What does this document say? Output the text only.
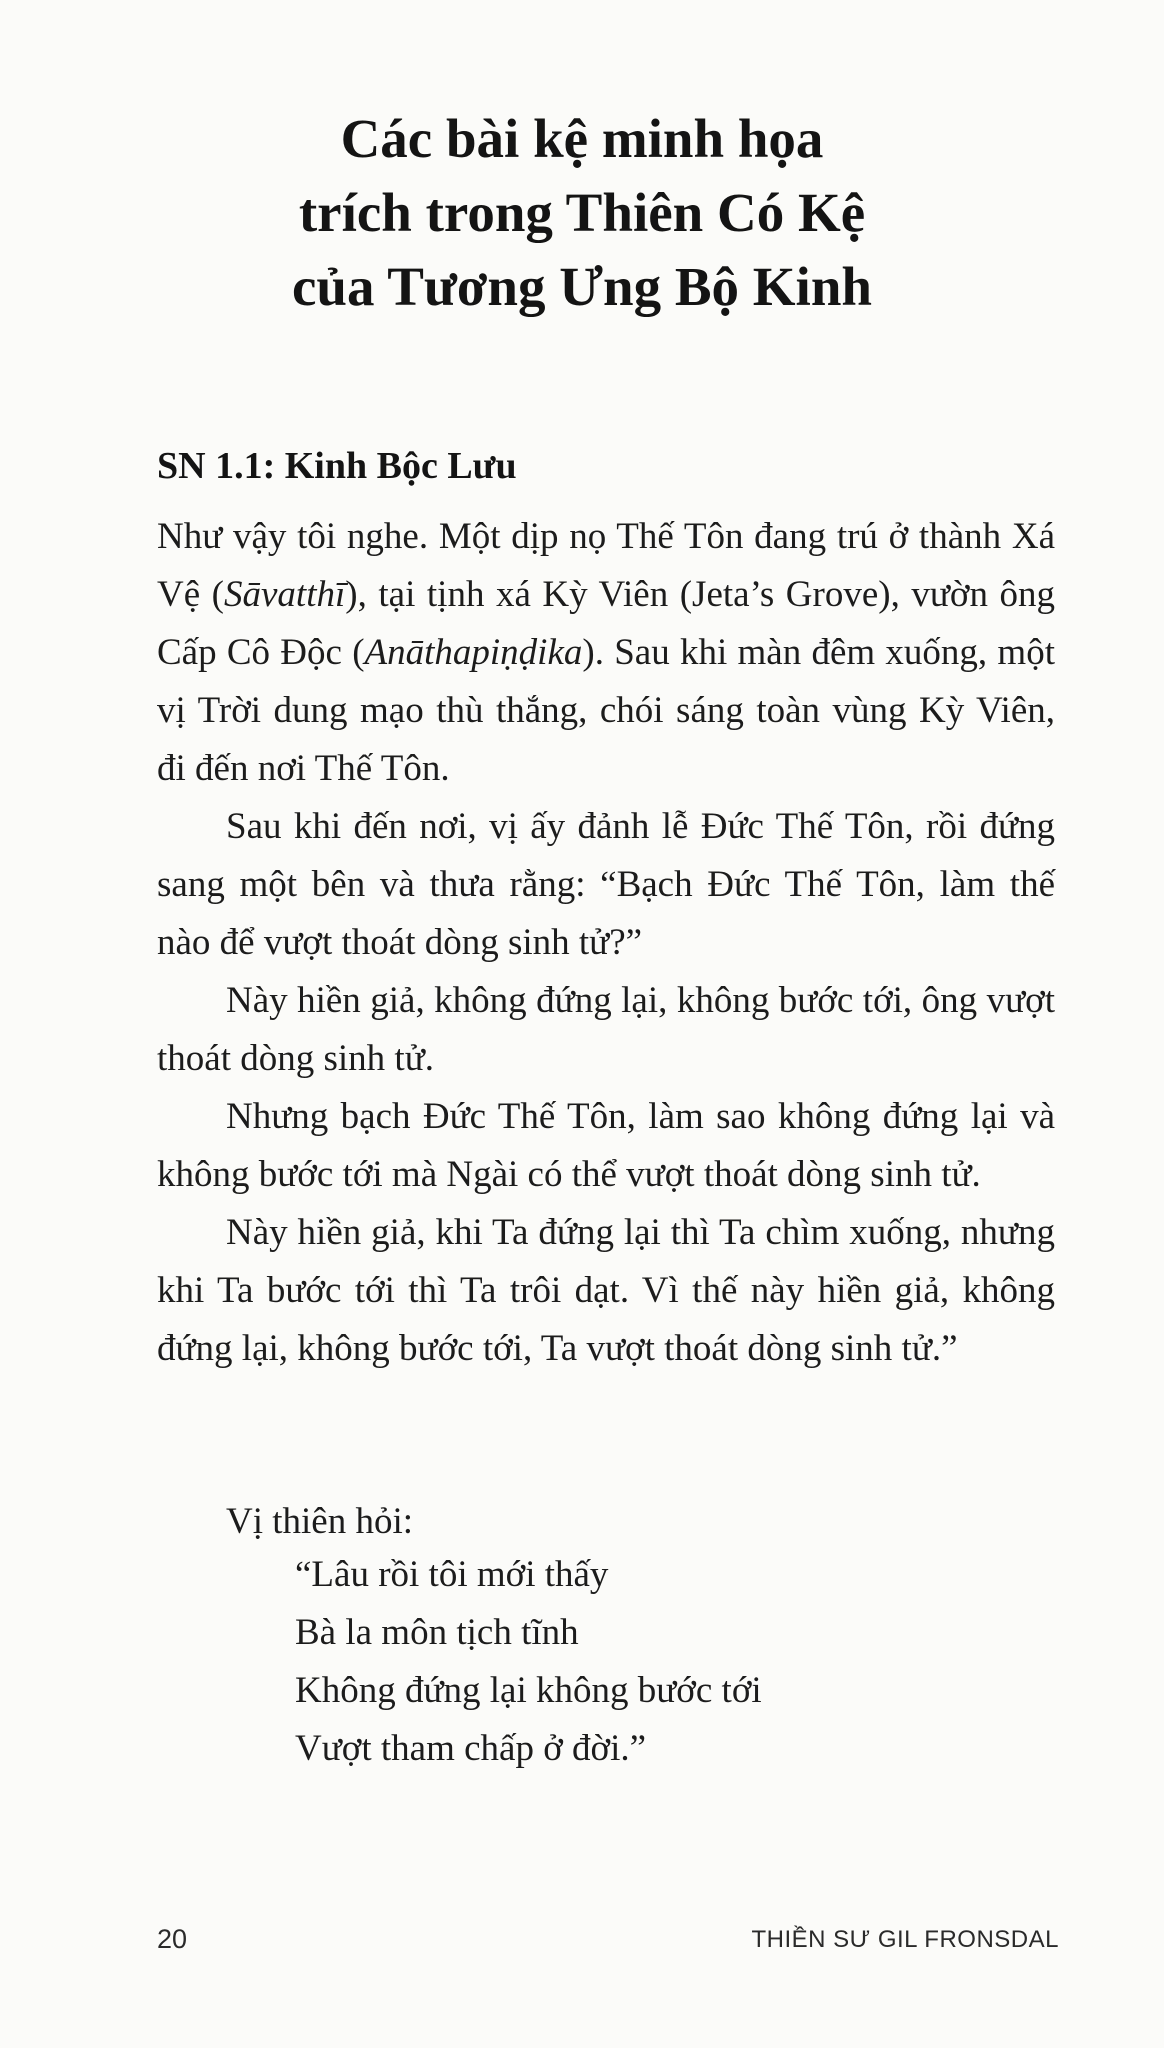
Các bài kệ minh họa
trích trong Thiên Có Kệ
của Tương Ưng Bộ Kinh
SN 1.1: Kinh Bộc Lưu

Như vậy tôi nghe. Một dịp nọ Thế Tôn đang trú ở thành Xá Vệ (Sāvatthī), tại tịnh xá Kỳ Viên (Jeta’s Grove), vườn ông Cấp Cô Độc (Anāthapiṇḍika). Sau khi màn đêm xuống, một vị Trời dung mạo thù thắng, chói sáng toàn vùng Kỳ Viên, đi đến nơi Thế Tôn.

Sau khi đến nơi, vị ấy đảnh lễ Đức Thế Tôn, rồi đứng sang một bên và thưa rằng: “Bạch Đức Thế Tôn, làm thế nào để vượt thoát dòng sinh tử?”

Này hiền giả, không đứng lại, không bước tới, ông vượt thoát dòng sinh tử.

Nhưng bạch Đức Thế Tôn, làm sao không đứng lại và không bước tới mà Ngài có thể vượt thoát dòng sinh tử.

Này hiền giả, khi Ta đứng lại thì Ta chìm xuống, nhưng khi Ta bước tới thì Ta trôi dạt. Vì thế này hiền giả, không đứng lại, không bước tới, Ta vượt thoát dòng sinh tử.”

Vị thiên hỏi:
“Lâu rồi tôi mới thấy
Bà la môn tịch tĩnh
Không đứng lại không bước tới
Vượt tham chấp ở đời.”
20	THIỀN SƯ GIL FRONSDAL
